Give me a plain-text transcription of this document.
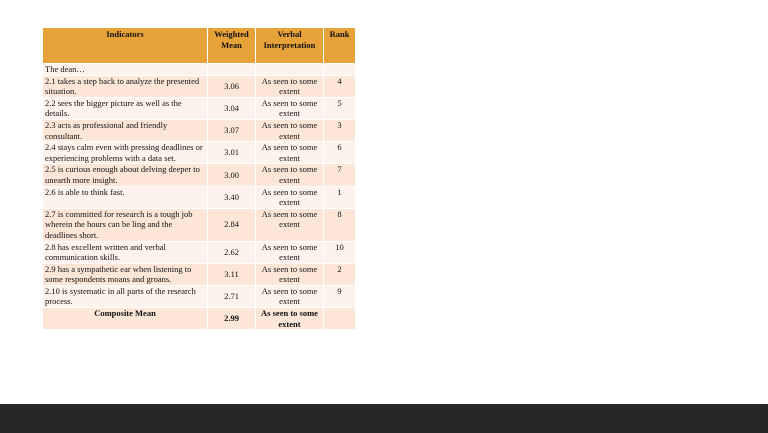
Indicators	Weighted Mean	Verbal Interpretation	Rank
The dean…			
2.1 takes a step back to analyze the presented situation.	3.06	As seen to some extent	4
2.2 sees the bigger picture as well as the details.	3.04	As seen to some extent	5
2.3 acts as professional and friendly consultant.	3.07	As seen to some extent	3
2.4 stays calm even with pressing deadlines or experiencing problems with a data set.	3.01	As seen to some extent	6
2.5 is curious enough about delving deeper to unearth more insight.	3.00	As seen to some extent	7
2.6 is able to think fast.	3.40	As seen to some extent	1
2.7 is committed for research is a tough job wherein the hours can be ling and the deadlines short.	2.84	As seen to some extent	8
2.8 has excellent written and verbal communication skills.	2.62	As seen to some extent	10
2.9 has a sympathetic ear when listening to some respondents moans and groans.	3.11	As seen to some extent	2
2.10 is systematic in all parts of the research process.	2.71	As seen to some extent	9
Composite Mean	2.99	As seen to some extent	
